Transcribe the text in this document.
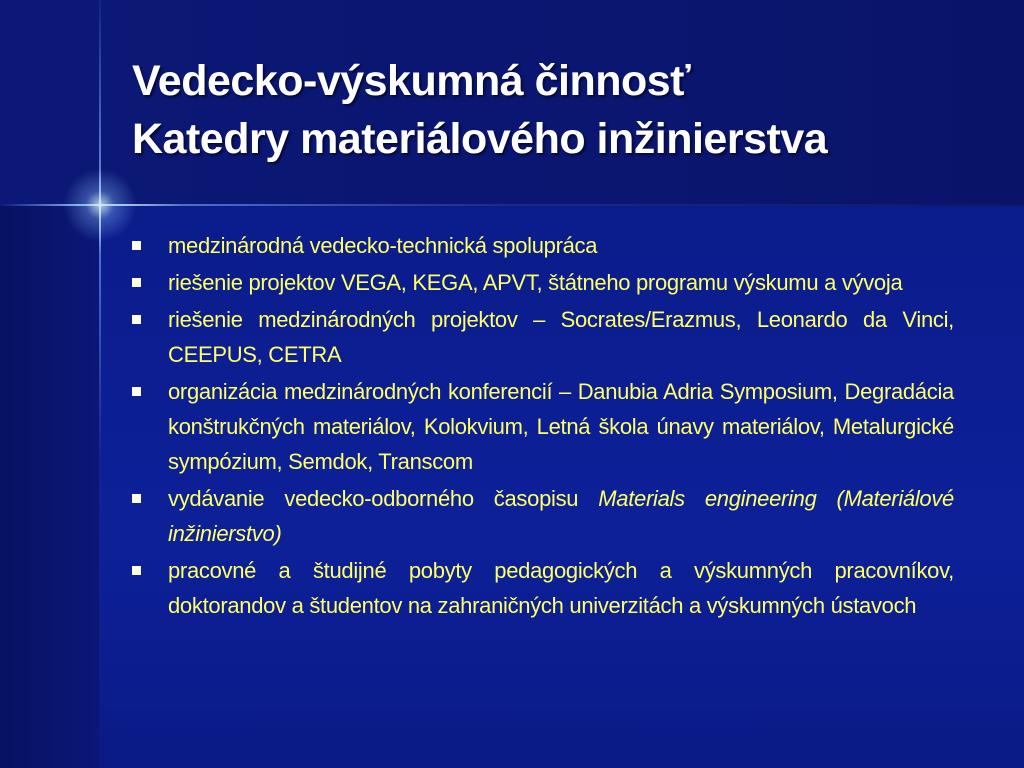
Vedecko-výskumná činnosť
Katedry materiálového inžinierstva
medzinárodná vedecko-technická spolupráca
riešenie projektov VEGA, KEGA, APVT, štátneho programu výskumu a vývoja
riešenie medzinárodných projektov – Socrates/Erazmus, Leonardo da Vinci, CEEPUS, CETRA
organizácia medzinárodných konferencií – Danubia Adria Symposium, Degradácia konštrukčných materiálov, Kolokvium, Letná škola únavy materiálov, Metalurgické sympózium, Semdok, Transcom
vydávanie vedecko-odborného časopisu Materials engineering (Materiálové inžinierstvo)
pracovné a študijné pobyty pedagogických a výskumných pracovníkov, doktorandov a študentov na zahraničných univerzitách a výskumných ústavoch
